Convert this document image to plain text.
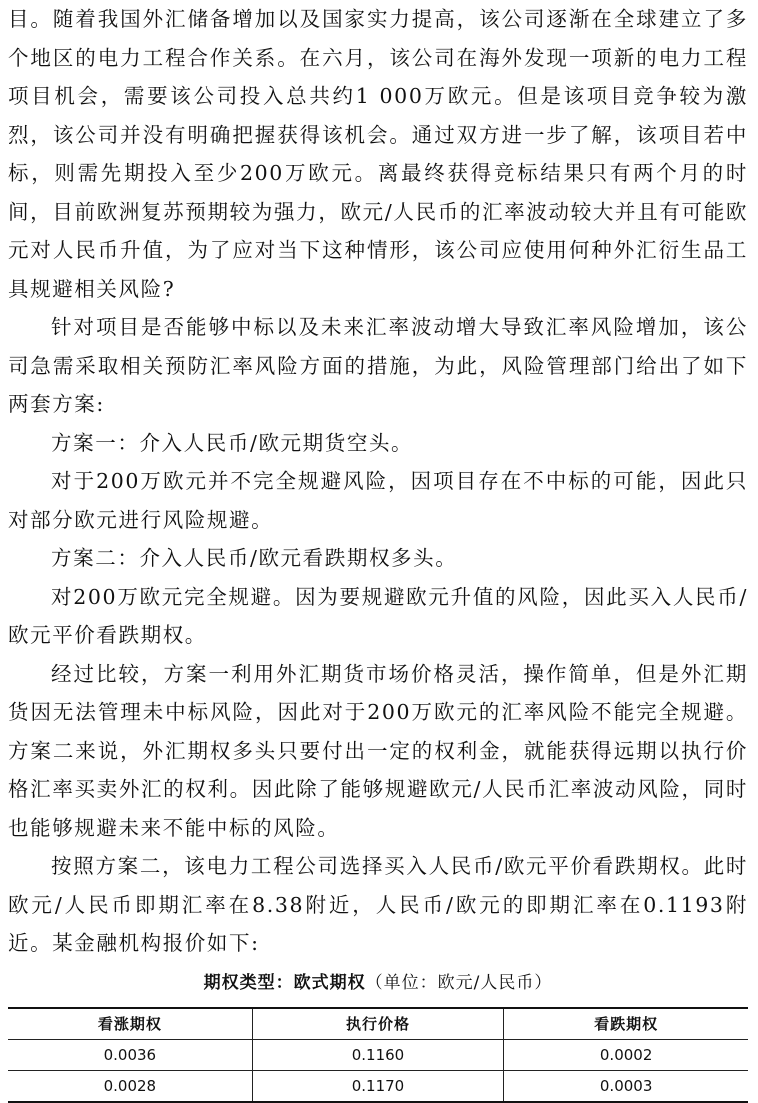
目。随着我国外汇储备增加以及国家实力提高，该公司逐渐在全球建立了多个地区的电力工程合作关系。在六月，该公司在海外发现一项新的电力工程项目机会，需要该公司投入总共约1 000万欧元。但是该项目竞争较为激烈，该公司并没有明确把握获得该机会。通过双方进一步了解，该项目若中标，则需先期投入至少200万欧元。离最终获得竞标结果只有两个月的时间，目前欧洲复苏预期较为强力，欧元/人民币的汇率波动较大并且有可能欧元对人民币升值，为了应对当下这种情形，该公司应使用何种外汇衍生品工具规避相关风险?

针对项目是否能够中标以及未来汇率波动增大导致汇率风险增加，该公司急需采取相关预防汇率风险方面的措施，为此，风险管理部门给出了如下两套方案:

方案一：介入人民币/欧元期货空头。

对于200万欧元并不完全规避风险，因项目存在不中标的可能，因此只对部分欧元进行风险规避。

方案二：介入人民币/欧元看跌期权多头。

对200万欧元完全规避。因为要规避欧元升值的风险，因此买入人民币/欧元平价看跌期权。

经过比较，方案一利用外汇期货市场价格灵活，操作简单，但是外汇期货因无法管理未中标风险，因此对于200万欧元的汇率风险不能完全规避。方案二来说，外汇期权多头只要付出一定的权利金，就能获得远期以执行价格汇率买卖外汇的权利。因此除了能够规避欧元/人民币汇率波动风险，同时也能够规避未来不能中标的风险。

按照方案二，该电力工程公司选择买入人民币/欧元平价看跌期权。此时欧元/人民币即期汇率在8.38附近，人民币/欧元的即期汇率在0.1193附近。某金融机构报价如下:

期权类型：欧式期权（单位：欧元/人民币）
看涨期权	执行价格	看跌期权
0.0036	0.1160	0.0002
0.0028	0.1170	0.0003
